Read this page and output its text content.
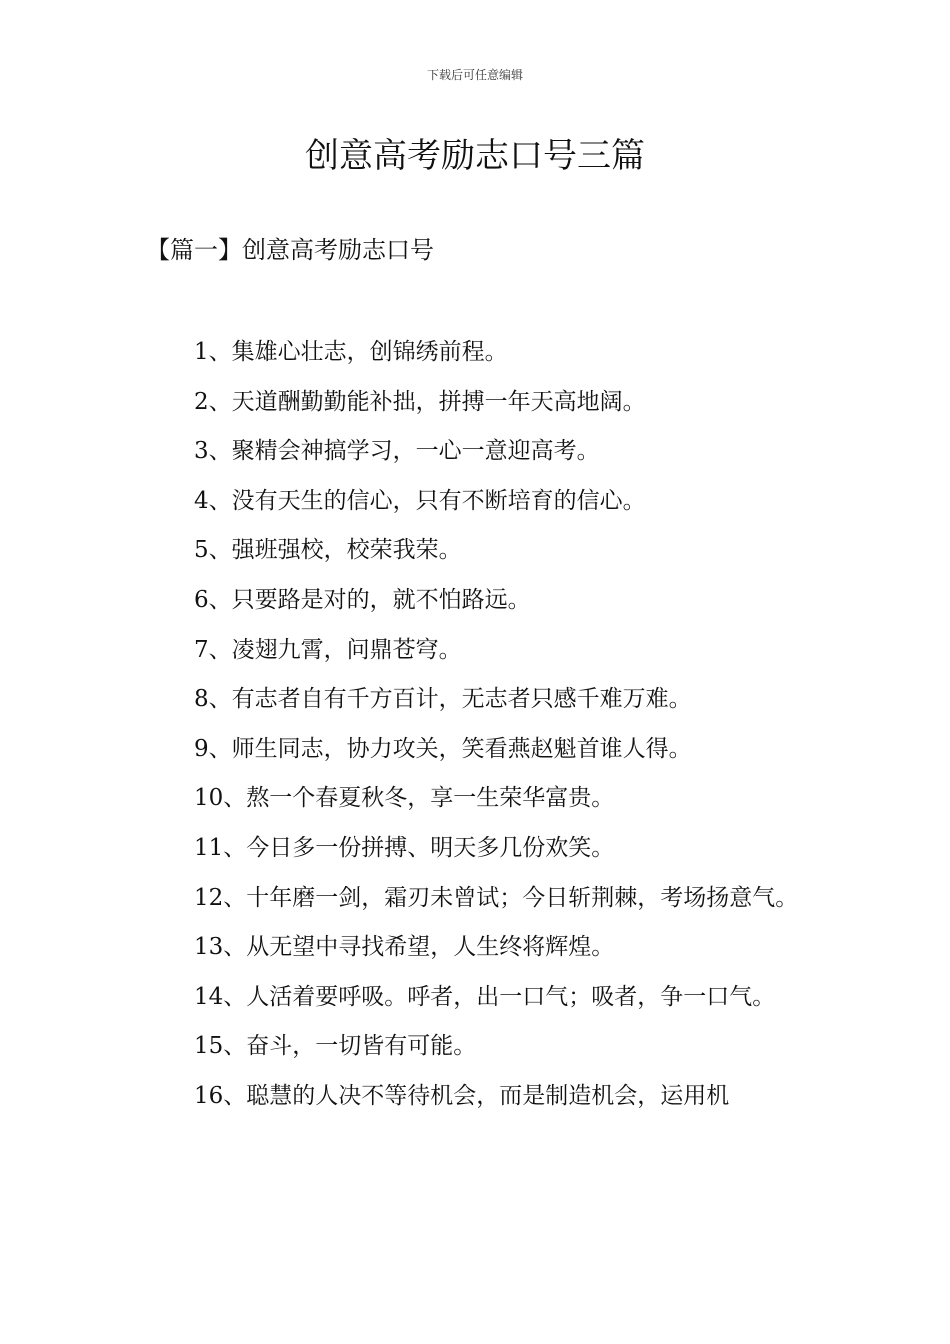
下载后可任意编辑
创意高考励志口号三篇
【篇一】创意高考励志口号
1、集雄心壮志，创锦绣前程。
2、天道酬勤勤能补拙，拼搏一年天高地阔。
3、聚精会神搞学习，一心一意迎高考。
4、没有天生的信心，只有不断培育的信心。
5、强班强校，校荣我荣。
6、只要路是对的，就不怕路远。
7、凌翅九霄，问鼎苍穹。
8、有志者自有千方百计，无志者只感千难万难。
9、师生同志，协力攻关，笑看燕赵魁首谁人得。
10、熬一个春夏秋冬，享一生荣华富贵。
11、今日多一份拼搏、明天多几份欢笑。
12、十年磨一剑，霜刃未曾试；今日斩荆棘，考场扬意气。
13、从无望中寻找希望，人生终将辉煌。
14、人活着要呼吸。呼者，出一口气；吸者，争一口气。
15、奋斗，一切皆有可能。
16、聪慧的人决不等待机会，而是制造机会，运用机
